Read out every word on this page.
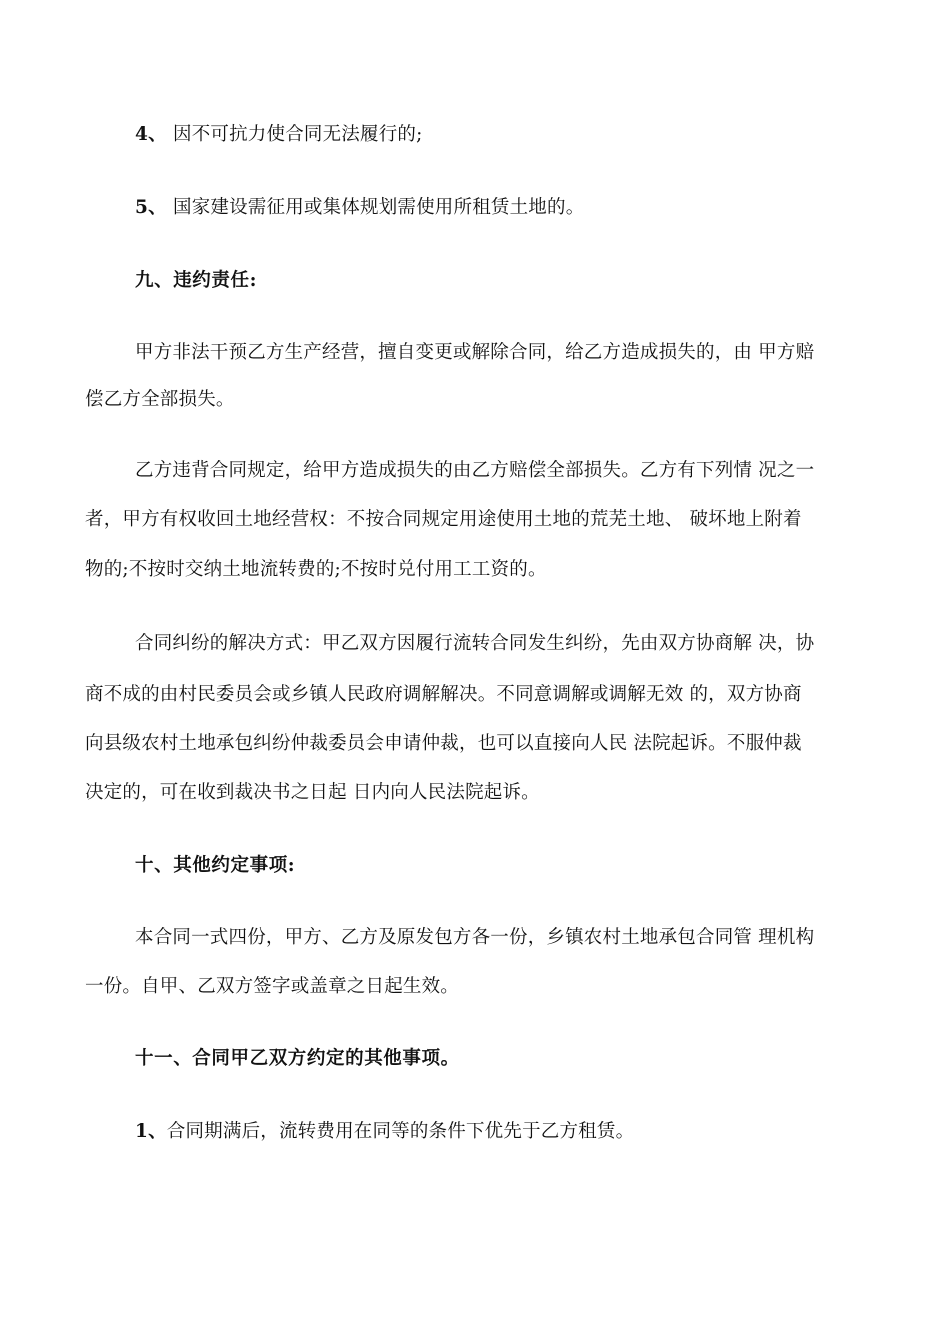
4、 因不可抗力使合同无法履行的;
5、 国家建设需征用或集体规划需使用所租赁土地的。
九、违约责任:
甲方非法干预乙方生产经营，擅自变更或解除合同，给乙方造成损失的，由 甲方赔
偿乙方全部损失。
乙方违背合同规定，给甲方造成损失的由乙方赔偿全部损失。乙方有下列情 况之一
者，甲方有权收回土地经营权：不按合同规定用途使用土地的荒芜土地、 破坏地上附着
物的;不按时交纳土地流转费的;不按时兑付用工工资的。
合同纠纷的解决方式：甲乙双方因履行流转合同发生纠纷，先由双方协商解 决，协
商不成的由村民委员会或乡镇人民政府调解解决。不同意调解或调解无效 的，双方协商
向县级农村土地承包纠纷仲裁委员会申请仲裁，也可以直接向人民 法院起诉。不服仲裁
决定的，可在收到裁决书之日起 日内向人民法院起诉。
十、其他约定事项:
本合同一式四份，甲方、乙方及原发包方各一份，乡镇农村土地承包合同管 理机构
一份。自甲、乙双方签字或盖章之日起生效。
十一、合同甲乙双方约定的其他事项。
1、合同期满后，流转费用在同等的条件下优先于乙方租赁。
